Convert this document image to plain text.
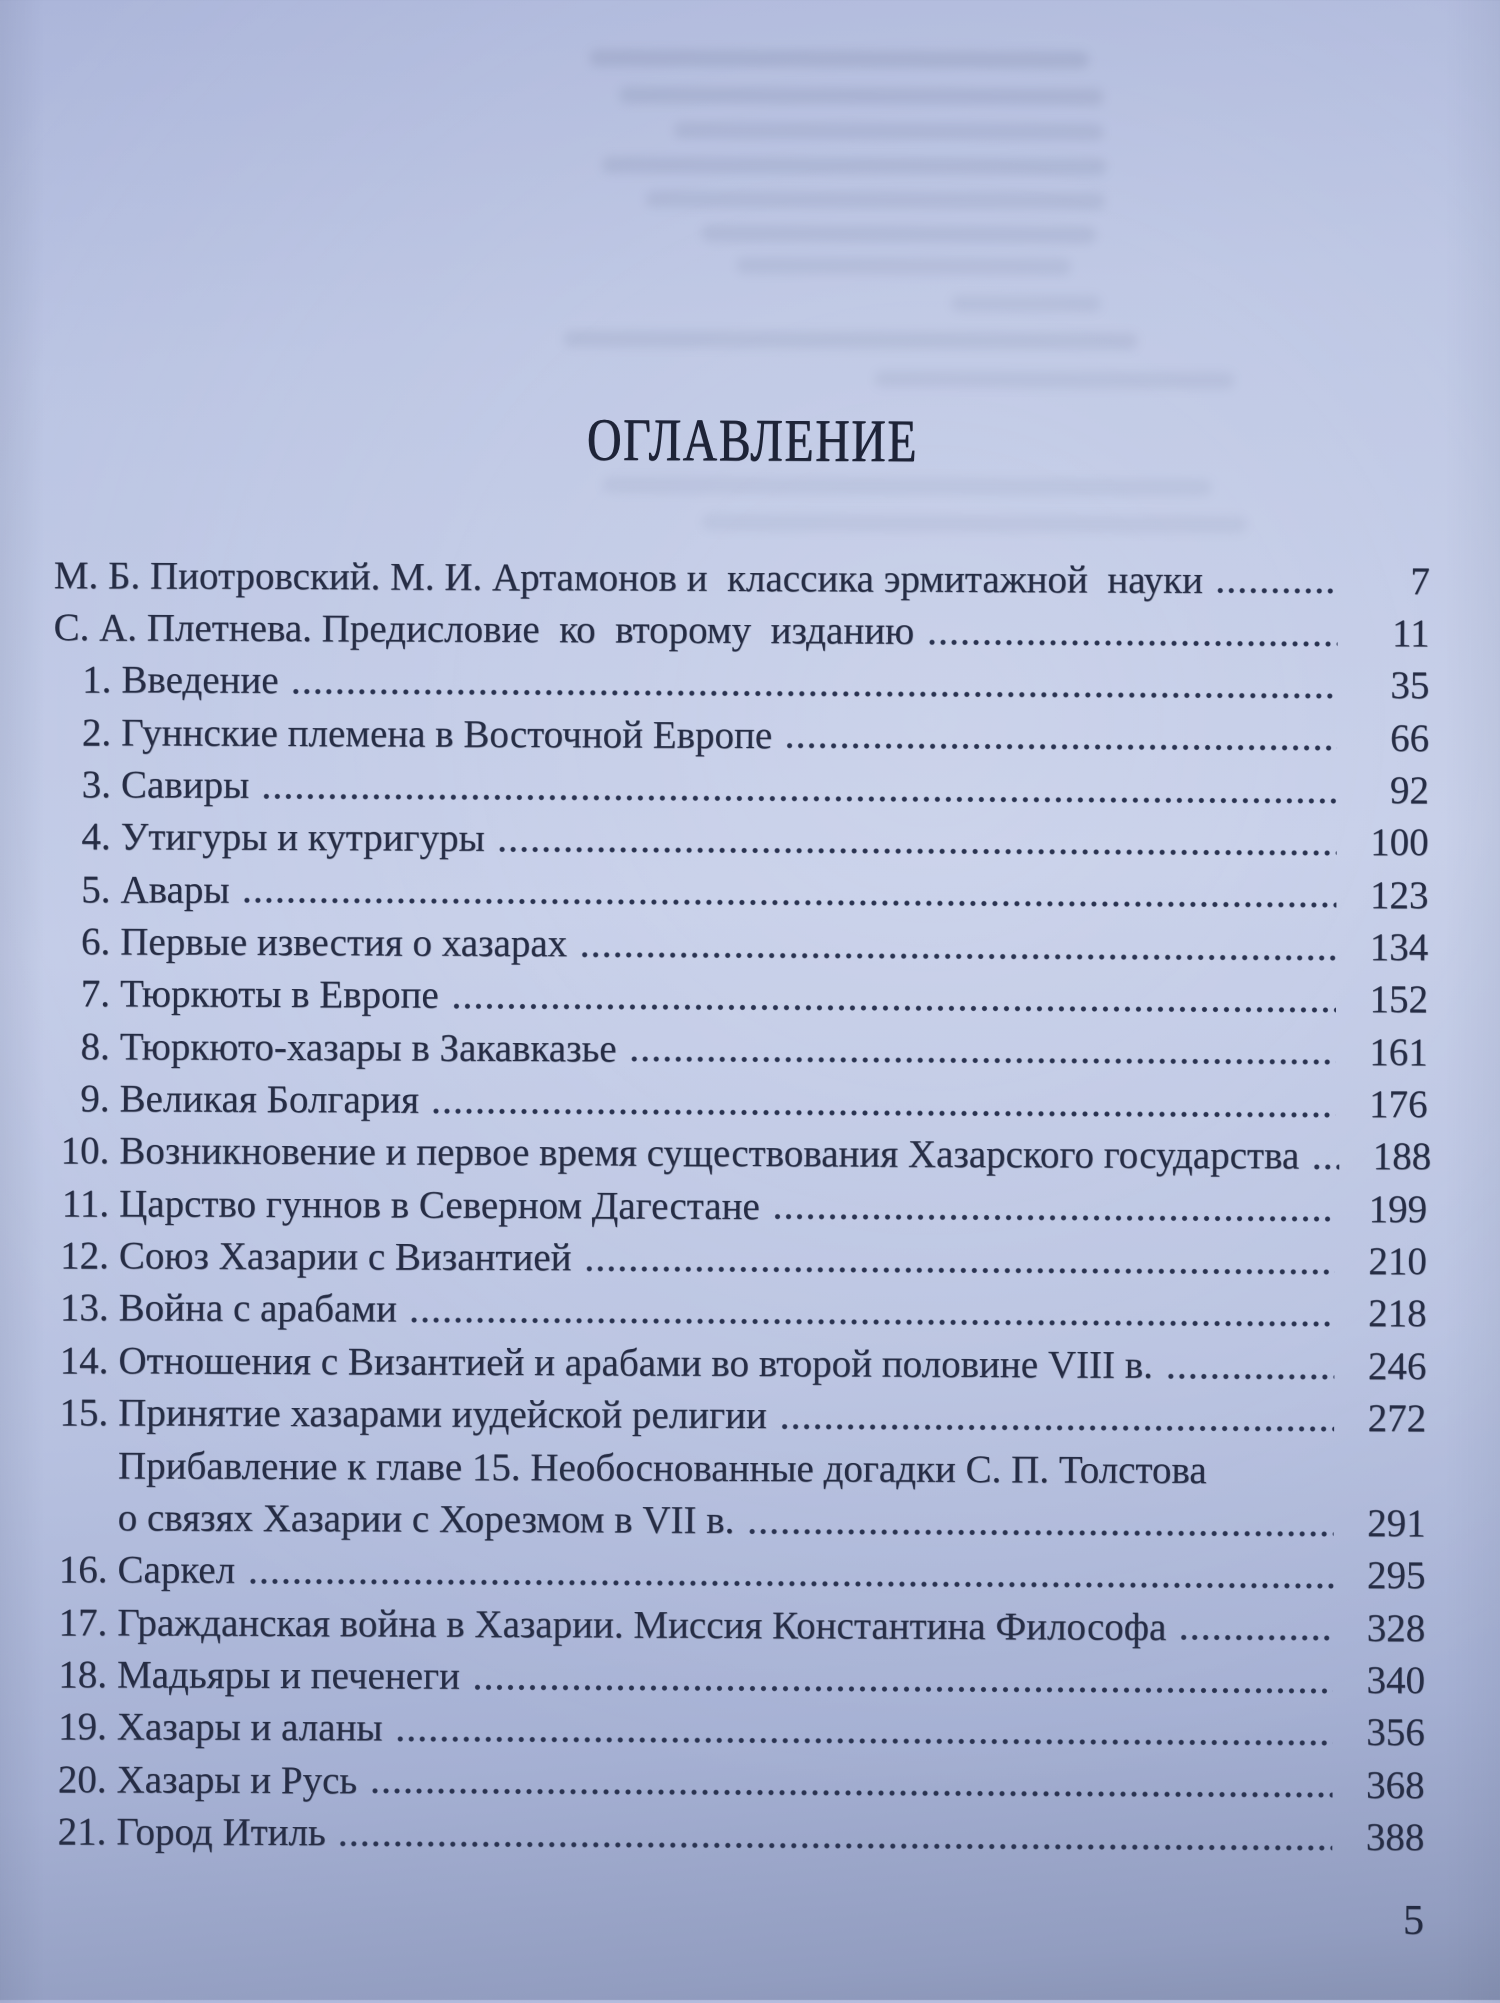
ОГЛАВЛЕНИЕ
М. Б. Пиотровский. М. И. Артамонов и  классика эрмитажной  науки	7
С. А. Плетнева. Предисловие  ко  второму  изданию	11
1. Введение	35
2. Гуннские племена в Восточной Европе	66
3. Савиры	92
4. Утигуры и кутригуры	100
5. Авары	123
6. Первые известия о хазарах	134
7. Тюркюты в Европе	152
8. Тюркюто-хазары в Закавказье	161
9. Великая Болгария	176
10. Возникновение и первое время существования Хазарского государства	188
11. Царство гуннов в Северном Дагестане	199
12. Союз Хазарии с Византией	210
13. Война с арабами	218
14. Отношения с Византией и арабами во второй половине VIII в.	246
15. Принятие хазарами иудейской религии	272
Прибавление к главе 15. Необоснованные догадки С. П. Толстова
о связях Хазарии с Хорезмом в VII в.	291
16. Саркел	295
17. Гражданская война в Хазарии. Миссия Константина Философа	328
18. Мадьяры и печенеги	340
19. Хазары и аланы	356
20. Хазары и Русь	368
21. Город Итиль	388
5
